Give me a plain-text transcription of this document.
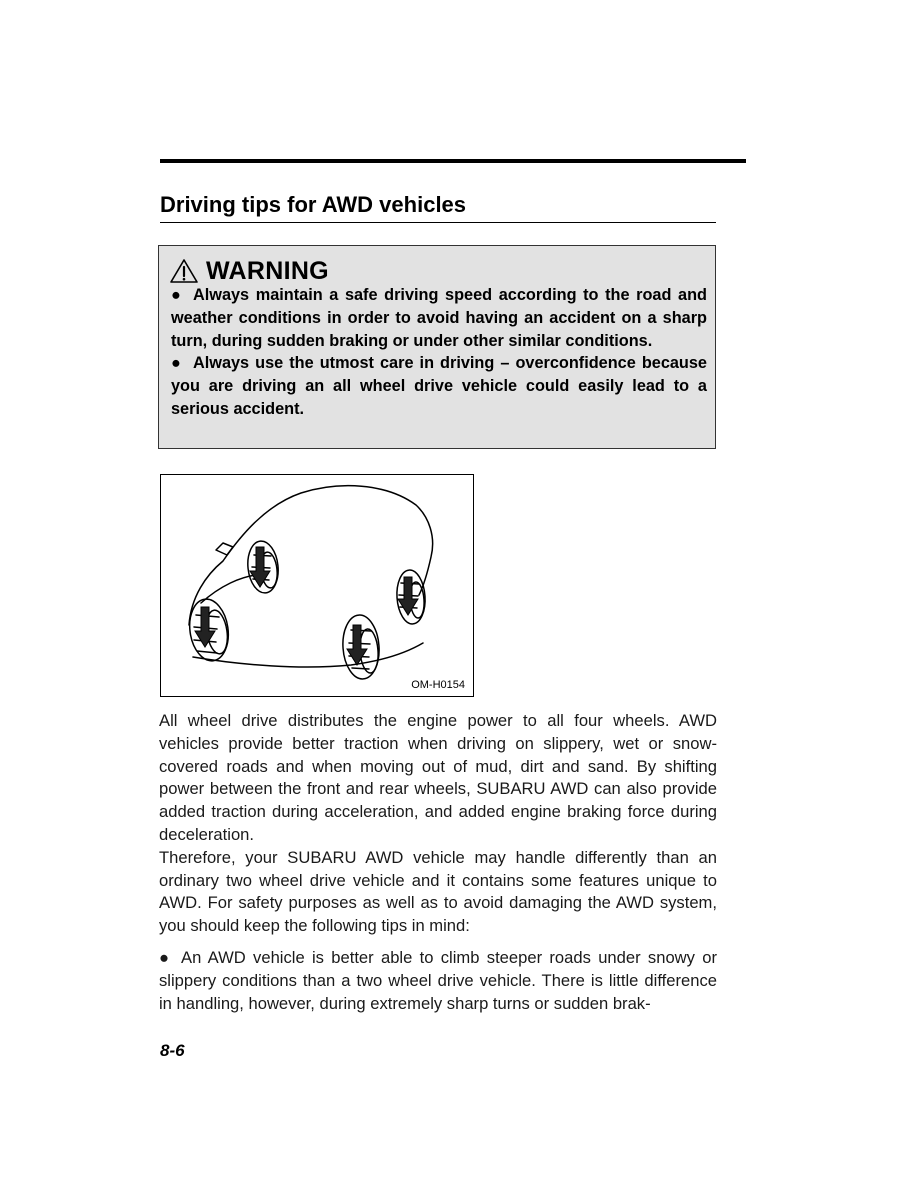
Driving tips for AWD vehicles
WARNING

● Always maintain a safe driving speed according to the road and weather conditions in order to avoid having an accident on a sharp turn, during sudden braking or under other similar conditions.

● Always use the utmost care in driving – overconfidence because you are driving an all wheel drive vehicle could easily lead to a serious accident.

OM-H0154

All wheel drive distributes the engine power to all four wheels. AWD vehicles provide better traction when driving on slippery, wet or snow-covered roads and when moving out of mud, dirt and sand. By shifting power between the front and rear wheels, SUBARU AWD can also provide added traction during acceleration, and added engine braking force during deceleration.

Therefore, your SUBARU AWD vehicle may handle differently than an ordinary two wheel drive vehicle and it contains some features unique to AWD. For safety purposes as well as to avoid damaging the AWD system, you should keep the following tips in mind:

● An AWD vehicle is better able to climb steeper roads under snowy or slippery conditions than a two wheel drive vehicle. There is little difference in handling, however, during extremely sharp turns or sudden brak-

8-6
